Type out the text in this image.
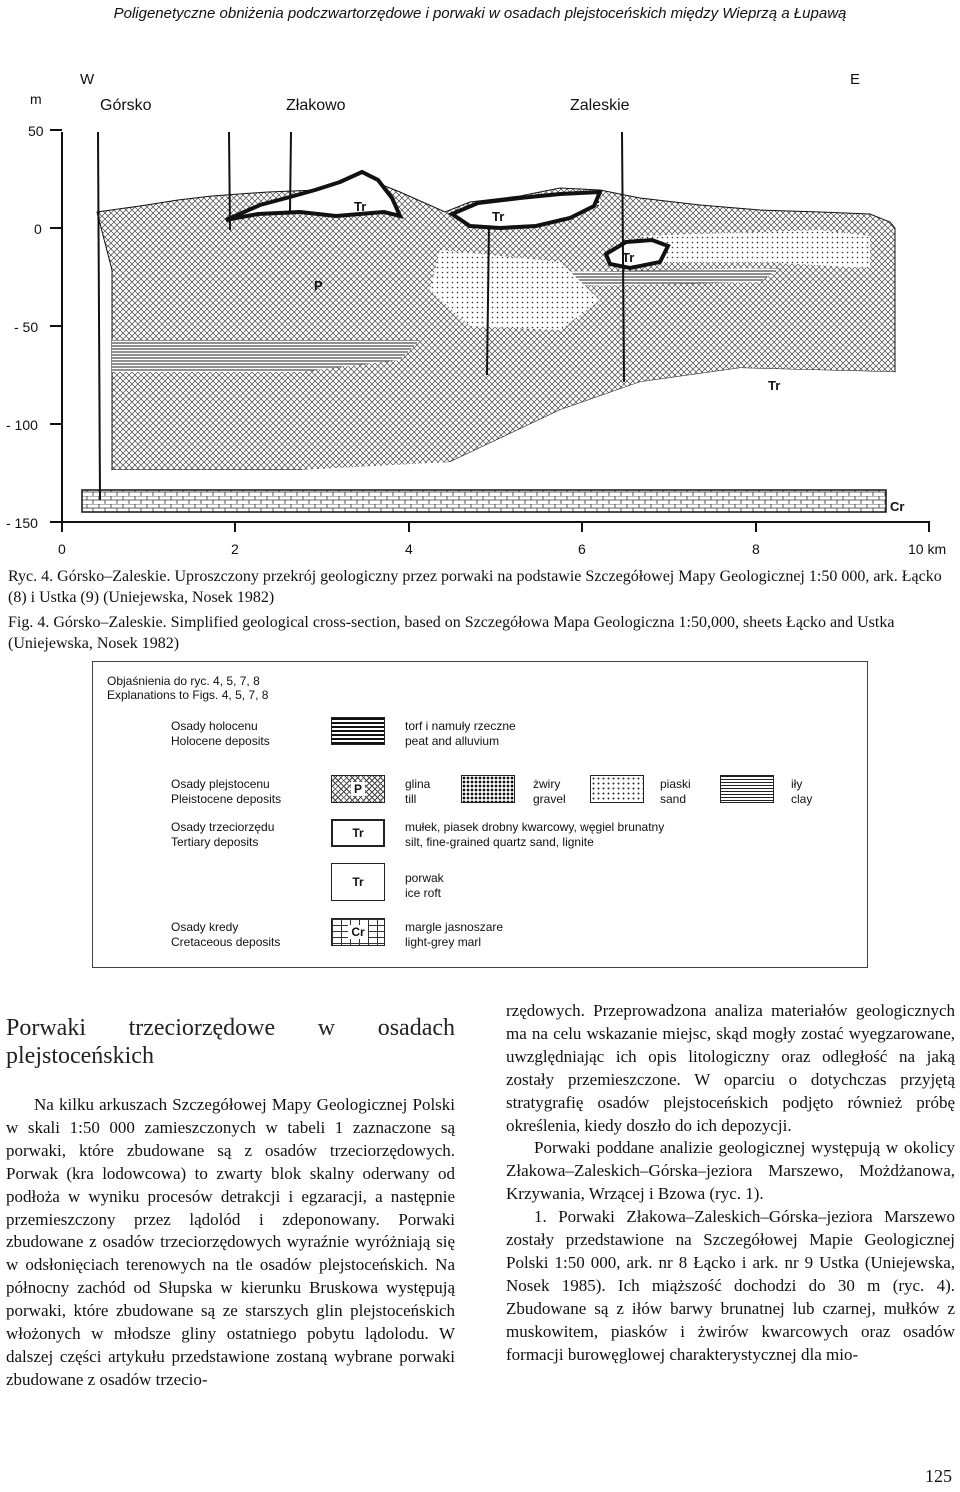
Poligenetyczne obniżenia podczwartorzędowe i porwaki w osadach plejstoceńskich między Wieprzą a Łupawą
W	E
Górsko	Złakowo	Zaleskie
m
50
0
- 50
- 100
- 150
0	2	4	6	8	10 km
Tr
Tr
Tr
Tr
P
Cr
Ryc. 4. Górsko–Zaleskie. Uproszczony przekrój geologiczny przez porwaki na podstawie Szczegółowej Mapy Geologicznej 1:50 000, ark. Łącko (8) i Ustka (9) (Uniejewska, Nosek 1982)
Fig. 4. Górsko–Zaleskie. Simplified geological cross-section, based on Szczegółowa Mapa Geologiczna 1:50,000, sheets Łącko and Ustka (Uniejewska, Nosek 1982)
Objaśnienia do ryc. 4, 5, 7, 8
Explanations to Figs. 4, 5, 7, 8
Osady holocenu
Holocene deposits
torf i namuły rzeczne
peat and alluvium
Osady plejstocenu
Pleistocene deposits
P	glina
till
żwiry
gravel
piaski
sand
iły
clay
Osady trzeciorzędu
Tertiary deposits
Tr	mułek, piasek drobny kwarcowy, węgiel brunatny
silt, fine-grained quartz sand, lignite
Tr	porwak
ice roft
Osady kredy
Cretaceous deposits
Cr	margle jasnoszare
light-grey marl
Porwaki trzeciorzędowe w osadach plejstoceńskich

Na kilku arkuszach Szczegółowej Mapy Geologicznej Polski w skali 1:50 000 zamieszczonych w tabeli 1 zaznaczone są porwaki, które zbudowane są z osadów trzeciorzędowych. Porwak (kra lodowcowa) to zwarty blok skalny oderwany od podłoża w wyniku procesów detrakcji i egzaracji, a następnie przemieszczony przez lądolód i zdeponowany. Porwaki zbudowane z osadów trzeciorzędowych wyraźnie wyróżniają się w odsłonięciach terenowych na tle osadów plejstoceńskich. Na północny zachód od Słupska w kierunku Bruskowa występują porwaki, które zbudowane są ze starszych glin plejstoceńskich włożonych w młodsze gliny ostatniego pobytu lądolodu. W dalszej części artykułu przedstawione zostaną wybrane porwaki zbudowane z osadów trzecio-

rzędowych. Przeprowadzona analiza materiałów geologicznych ma na celu wskazanie miejsc, skąd mogły zostać wyegzarowane, uwzględniając ich opis litologiczny oraz odległość na jaką zostały przemieszczone. W oparciu o dotychczas przyjętą stratygrafię osadów plejstoceńskich podjęto również próbę określenia, kiedy doszło do ich depozycji.

Porwaki poddane analizie geologicznej występują w okolicy Złakowa–Zaleskich–Górska–jeziora Marszewo, Możdżanowa, Krzywania, Wrzącej i Bzowa (ryc. 1).

1. Porwaki Złakowa–Zaleskich–Górska–jeziora Marszewo zostały przedstawione na Szczegółowej Mapie Geologicznej Polski 1:50 000, ark. nr 8 Łącko i ark. nr 9 Ustka (Uniejewska, Nosek 1985). Ich miąższość dochodzi do 30 m (ryc. 4). Zbudowane są z iłów barwy brunatnej lub czarnej, mułków z muskowitem, piasków i żwirów kwarcowych oraz osadów formacji burowęglowej charakterystycznej dla mio-

125
